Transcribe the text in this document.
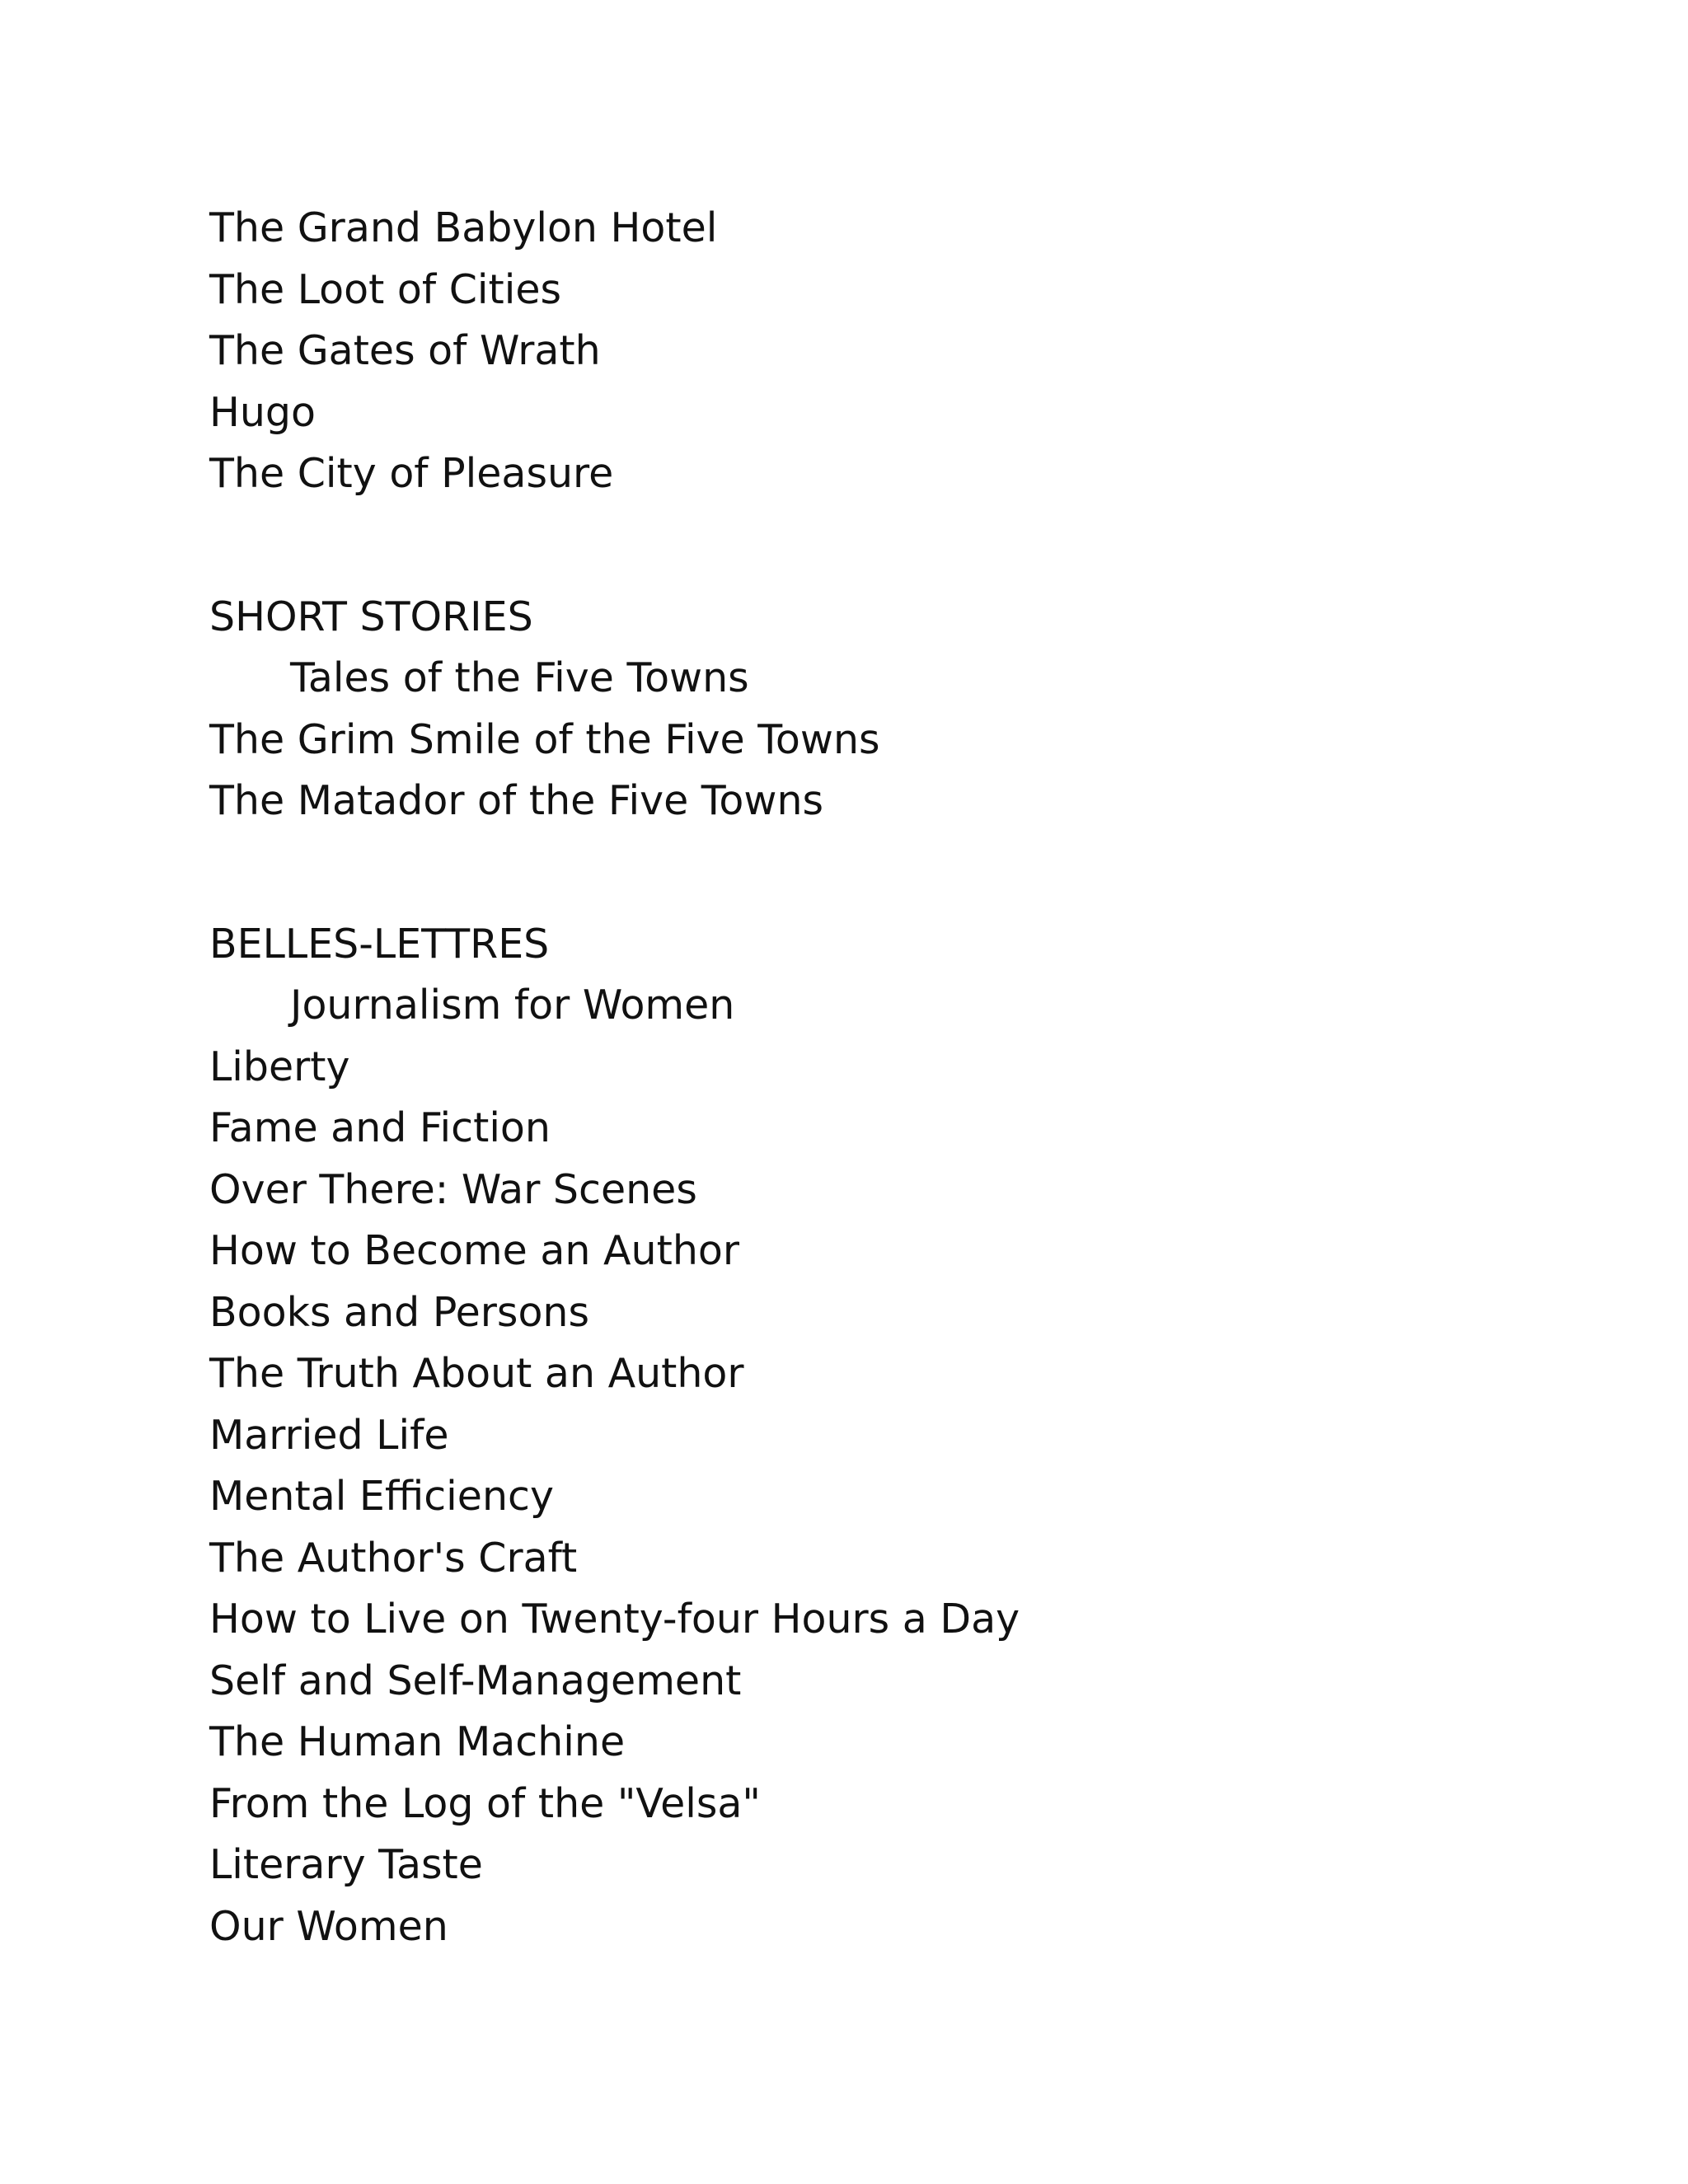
The Grand Babylon Hotel
The Loot of Cities
The Gates of Wrath
Hugo
The City of Pleasure
SHORT STORIES
Tales of the Five Towns
The Grim Smile of the Five Towns
The Matador of the Five Towns
BELLES-LETTRES
Journalism for Women
Liberty
Fame and Fiction
Over There: War Scenes
How to Become an Author
Books and Persons
The Truth About an Author
Married Life
Mental Efficiency
The Author's Craft
How to Live on Twenty-four Hours a Day
Self and Self-Management
The Human Machine
From the Log of the "Velsa"
Literary Taste
Our Women
